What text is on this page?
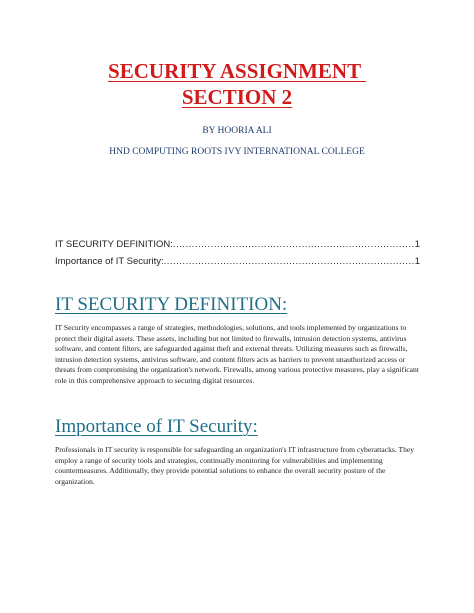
SECURITY ASSIGNMENT
SECTION 2
BY HOORIA ALI
HND COMPUTING ROOTS IVY INTERNATIONAL COLLEGE
IT SECURITY DEFINITION: .....	1
Importance of IT Security: .....	1
IT SECURITY DEFINITION:
IT Security encompasses a range of strategies, methodologies, solutions, and tools implemented by organizations to protect their digital assets. These assets, including but not limited to firewalls, intrusion detection systems, antivirus software, and content filters, are safeguarded against theft and external threats. Utilizing measures such as firewalls, intrusion detection systems, antivirus software, and content filters acts as barriers to prevent unauthorized access or threats from compromising the organization's network. Firewalls, among various protective measures, play a significant role in this comprehensive approach to securing digital resources.
Importance of IT Security:
Professionals in IT security is responsible for safeguarding an organization's IT infrastructure from cyberattacks. They employ a range of security tools and strategies, continually monitoring for vulnerabilities and implementing countermeasures. Additionally, they provide potential solutions to enhance the overall security posture of the organization.
